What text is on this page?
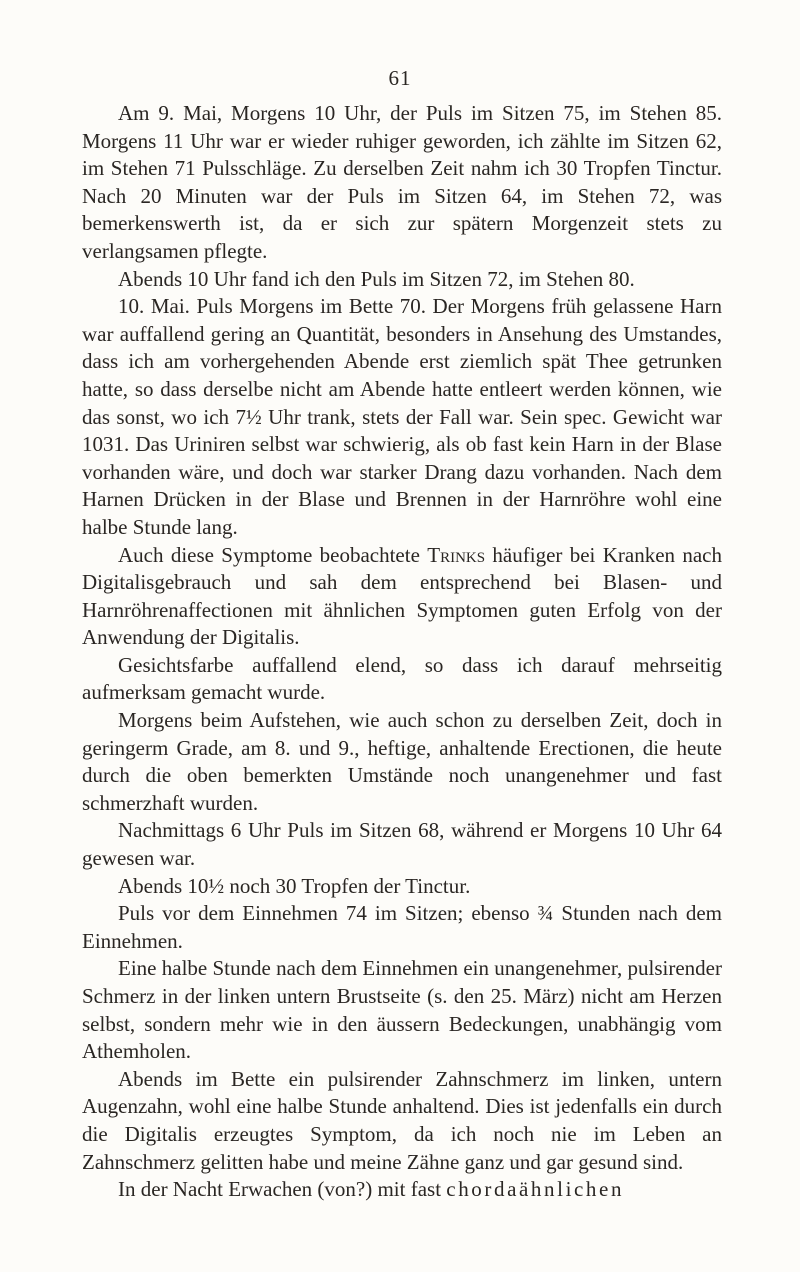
61

Am 9. Mai, Morgens 10 Uhr, der Puls im Sitzen 75, im Stehen 85. Morgens 11 Uhr war er wieder ruhiger geworden, ich zählte im Sitzen 62, im Stehen 71 Pulsschläge. Zu derselben Zeit nahm ich 30 Tropfen Tinctur. Nach 20 Minuten war der Puls im Sitzen 64, im Stehen 72, was bemerkenswerth ist, da er sich zur spätern Morgenzeit stets zu verlangsamen pflegte.

Abends 10 Uhr fand ich den Puls im Sitzen 72, im Stehen 80.

10. Mai. Puls Morgens im Bette 70. Der Morgens früh gelassene Harn war auffallend gering an Quantität, besonders in Ansehung des Umstandes, dass ich am vorhergehenden Abende erst ziemlich spät Thee getrunken hatte, so dass derselbe nicht am Abende hatte entleert werden können, wie das sonst, wo ich 7½ Uhr trank, stets der Fall war. Sein spec. Gewicht war 1031. Das Uriniren selbst war schwierig, als ob fast kein Harn in der Blase vorhanden wäre, und doch war starker Drang dazu vorhanden. Nach dem Harnen Drücken in der Blase und Brennen in der Harnröhre wohl eine halbe Stunde lang.

Auch diese Symptome beobachtete Trinks häufiger bei Kranken nach Digitalisgebrauch und sah dem entsprechend bei Blasen- und Harnröhrenaffectionen mit ähnlichen Symptomen guten Erfolg von der Anwendung der Digitalis.

Gesichtsfarbe auffallend elend, so dass ich darauf mehrseitig aufmerksam gemacht wurde.

Morgens beim Aufstehen, wie auch schon zu derselben Zeit, doch in geringerm Grade, am 8. und 9., heftige, anhaltende Erectionen, die heute durch die oben bemerkten Umstände noch unangenehmer und fast schmerzhaft wurden.

Nachmittags 6 Uhr Puls im Sitzen 68, während er Morgens 10 Uhr 64 gewesen war.

Abends 10½ noch 30 Tropfen der Tinctur.

Puls vor dem Einnehmen 74 im Sitzen; ebenso ¾ Stunden nach dem Einnehmen.

Eine halbe Stunde nach dem Einnehmen ein unangenehmer, pulsirender Schmerz in der linken untern Brustseite (s. den 25. März) nicht am Herzen selbst, sondern mehr wie in den äussern Bedeckungen, unabhängig vom Athemholen.

Abends im Bette ein pulsirender Zahnschmerz im linken, untern Augenzahn, wohl eine halbe Stunde anhaltend. Dies ist jedenfalls ein durch die Digitalis erzeugtes Symptom, da ich noch nie im Leben an Zahnschmerz gelitten habe und meine Zähne ganz und gar gesund sind.

In der Nacht Erwachen (von?) mit fast chordaähnlichen
